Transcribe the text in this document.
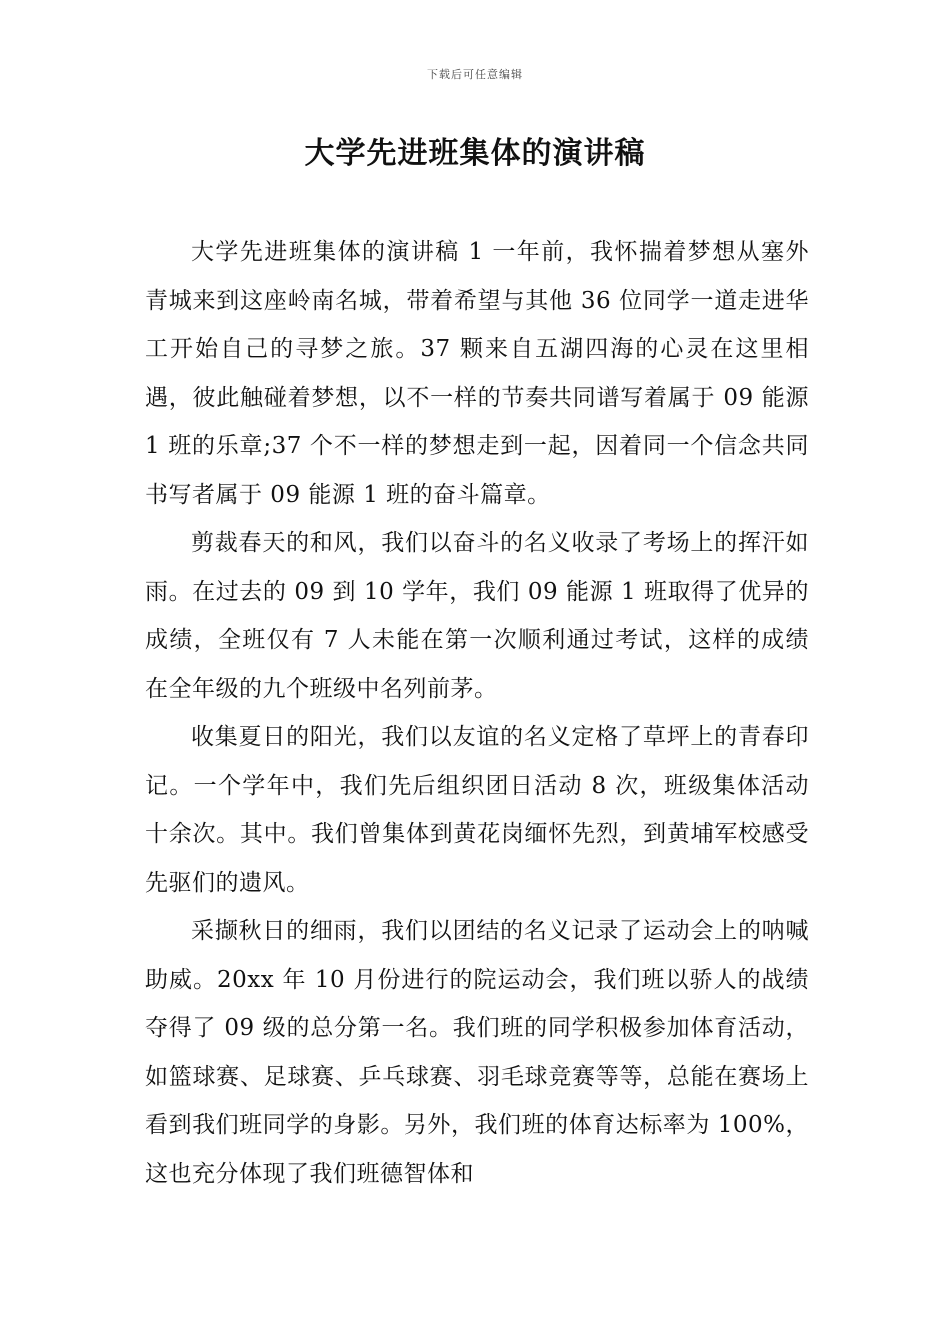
下载后可任意编辑
大学先进班集体的演讲稿

大学先进班集体的演讲稿 1 一年前，我怀揣着梦想从塞外青城来到这座岭南名城，带着希望与其他 36 位同学一道走进华工开始自己的寻梦之旅。37 颗来自五湖四海的心灵在这里相遇，彼此触碰着梦想，以不一样的节奏共同谱写着属于 09 能源 1 班的乐章;37 个不一样的梦想走到一起，因着同一个信念共同书写者属于 09 能源 1 班的奋斗篇章。

剪裁春天的和风，我们以奋斗的名义收录了考场上的挥汗如雨。在过去的 09 到 10 学年，我们 09 能源 1 班取得了优异的成绩，全班仅有 7 人未能在第一次顺利通过考试，这样的成绩在全年级的九个班级中名列前茅。

收集夏日的阳光，我们以友谊的名义定格了草坪上的青春印记。一个学年中，我们先后组织团日活动 8 次，班级集体活动十余次。其中。我们曾集体到黄花岗缅怀先烈，到黄埔军校感受先驱们的遗风。

采撷秋日的细雨，我们以团结的名义记录了运动会上的呐喊助威。20xx 年 10 月份进行的院运动会，我们班以骄人的战绩夺得了 09 级的总分第一名。我们班的同学积极参加体育活动，如篮球赛、足球赛、乒乓球赛、羽毛球竞赛等等，总能在赛场上看到我们班同学的身影。另外，我们班的体育达标率为 100%，这也充分体现了我们班德智体和
